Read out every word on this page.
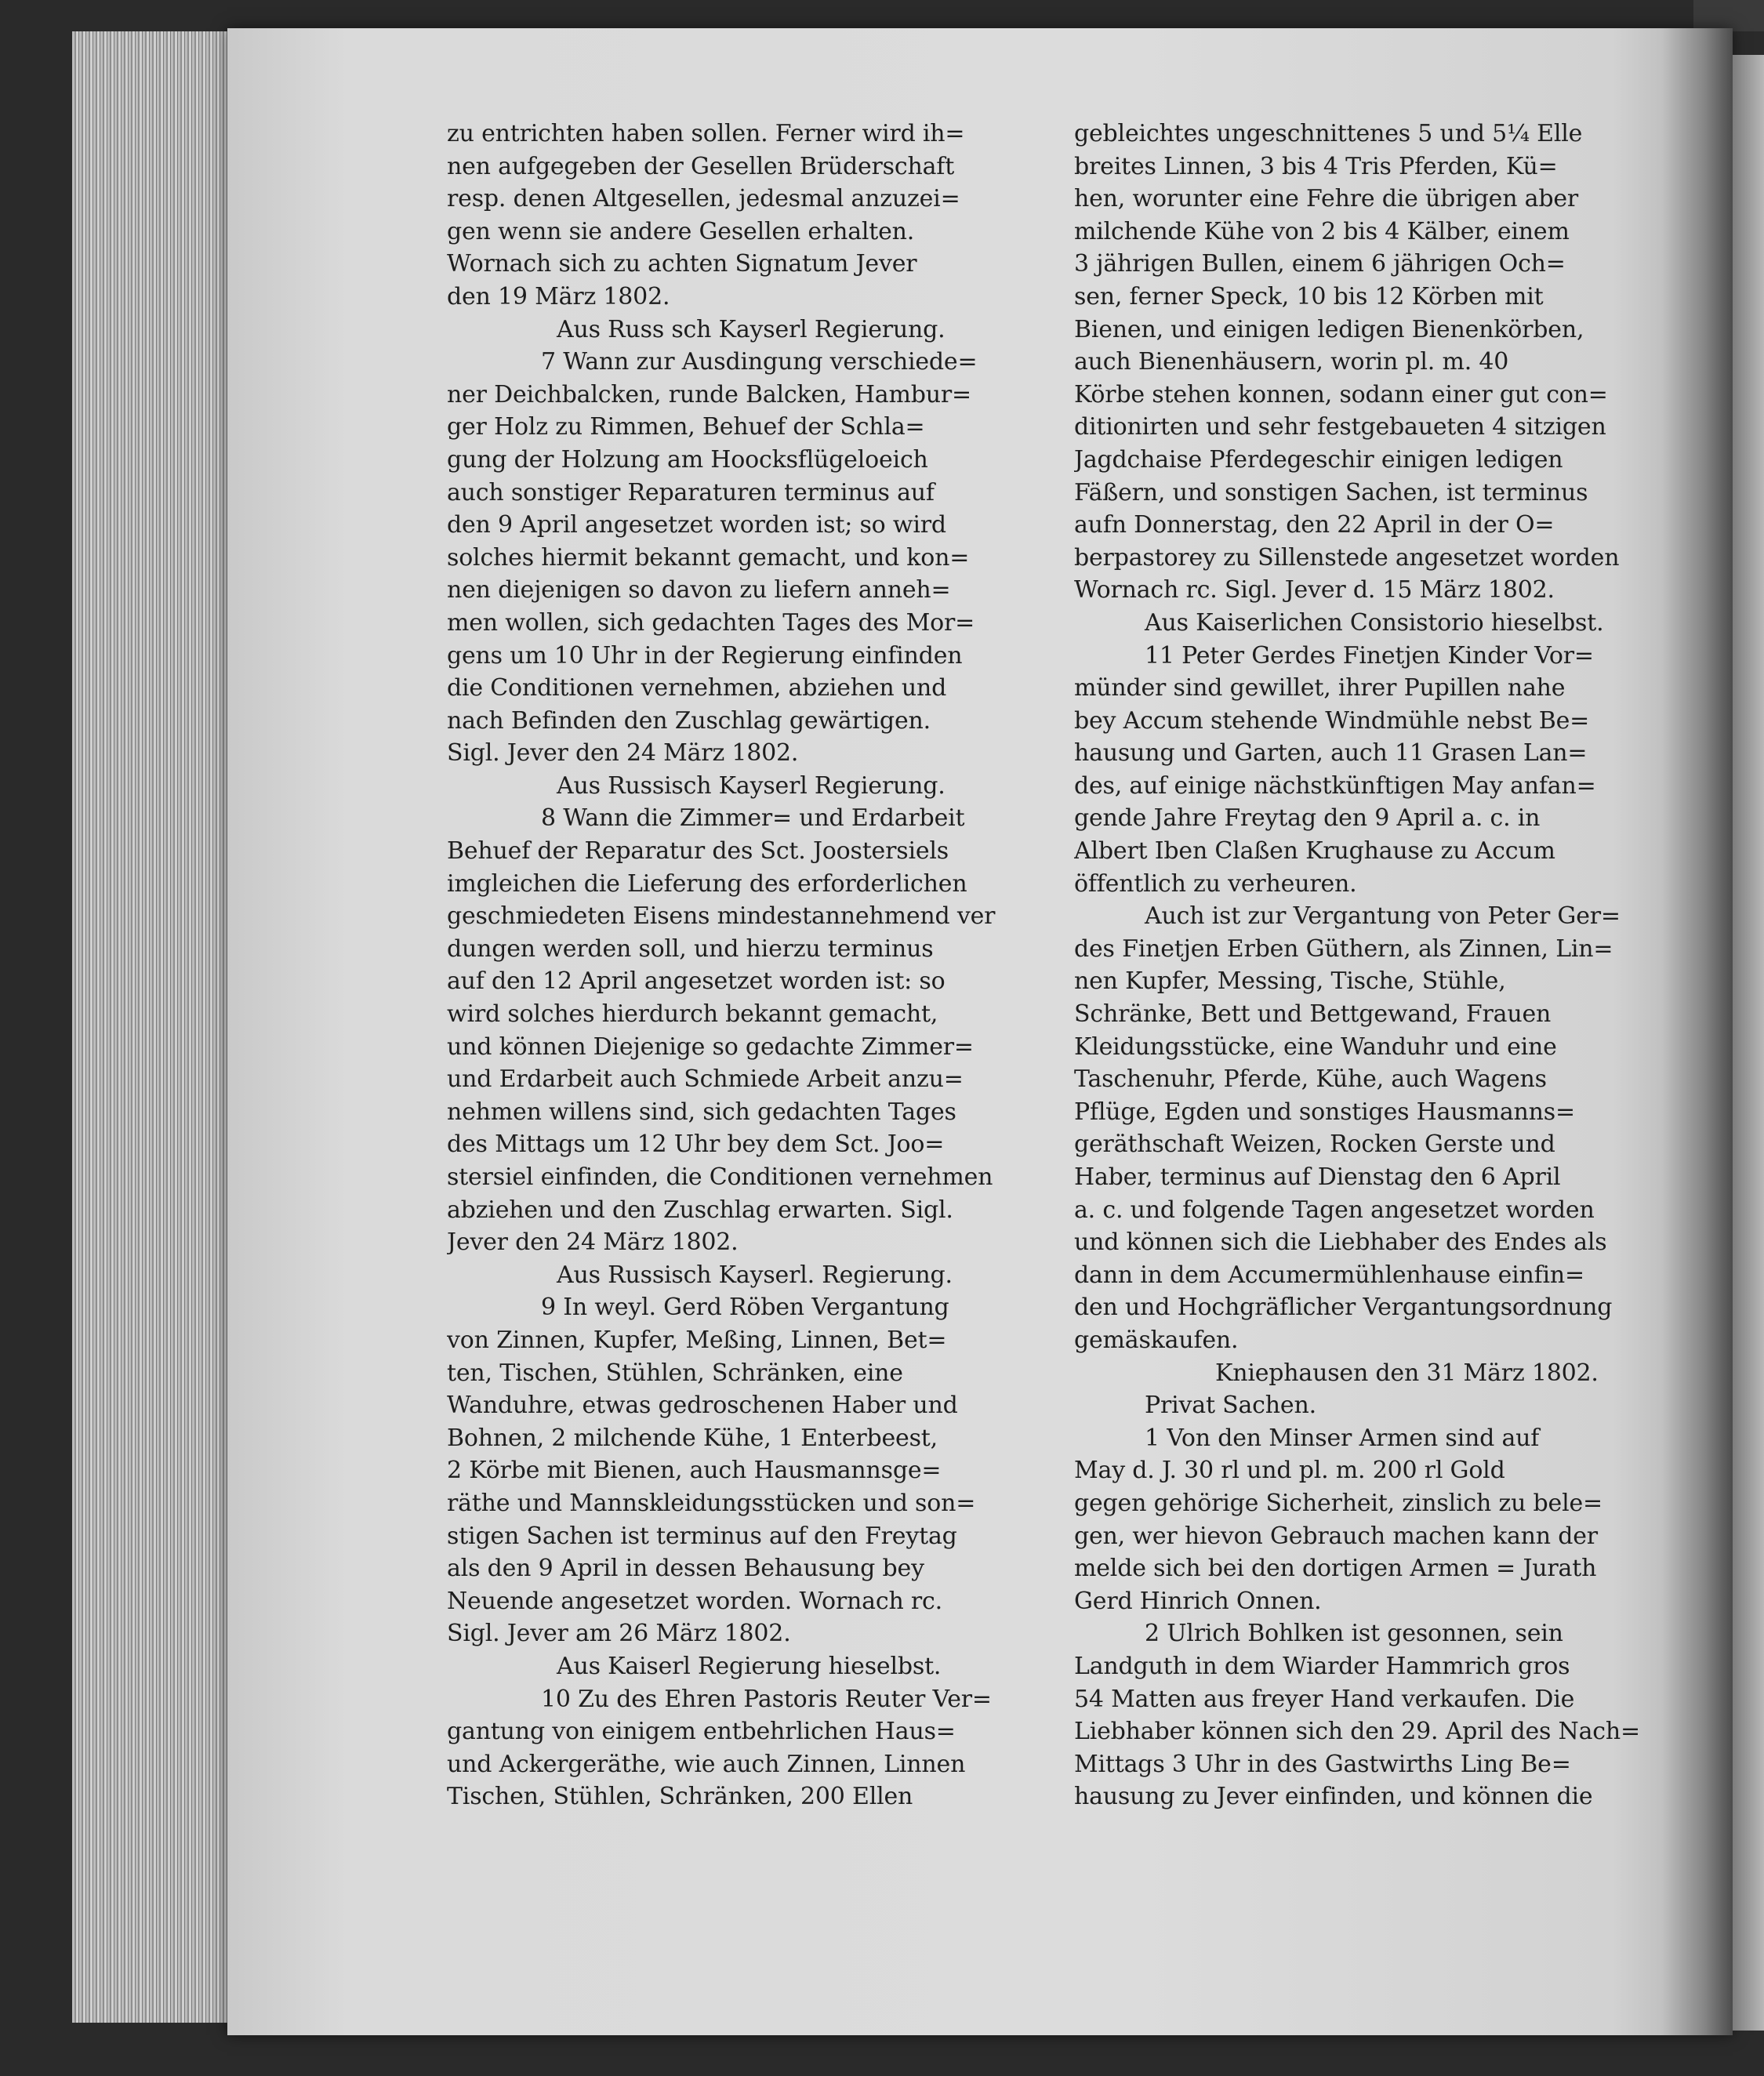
zu entrichten haben sollen. Ferner wird ih=
nen aufgegeben der Gesellen Brüderschaft
resp. denen Altgesellen, jedesmal anzuzei=
gen wenn sie andere Gesellen erhalten.
Wornach sich zu achten Signatum Jever
den 19 März 1802.
Aus Russ sch Kayserl Regierung.
7 Wann zur Ausdingung verschiede=
ner Deichbalcken, runde Balcken, Hambur=
ger Holz zu Rimmen, Behuef der Schla=
gung der Holzung am Hoocksflügeloeich
auch sonstiger Reparaturen terminus auf
den 9 April angesetzet worden ist; so wird
solches hiermit bekannt gemacht, und kon=
nen diejenigen so davon zu liefern anneh=
men wollen, sich gedachten Tages des Mor=
gens um 10 Uhr in der Regierung einfinden
die Conditionen vernehmen, abziehen und
nach Befinden den Zuschlag gewärtigen.
Sigl. Jever den 24 März 1802.
Aus Russisch Kayserl Regierung.
8 Wann die Zimmer= und Erdarbeit
Behuef der Reparatur des Sct. Joostersiels
imgleichen die Lieferung des erforderlichen
geschmiedeten Eisens mindestannehmend ver
dungen werden soll, und hierzu terminus
auf den 12 April angesetzet worden ist: so
wird solches hierdurch bekannt gemacht,
und können Diejenige so gedachte Zimmer=
und Erdarbeit auch Schmiede Arbeit anzu=
nehmen willens sind, sich gedachten Tages
des Mittags um 12 Uhr bey dem Sct. Joo=
stersiel einfinden, die Conditionen vernehmen
abziehen und den Zuschlag erwarten. Sigl.
Jever den 24 März 1802.
Aus Russisch Kayserl. Regierung.
9 In weyl. Gerd Röben Vergantung
von Zinnen, Kupfer, Meßing, Linnen, Bet=
ten, Tischen, Stühlen, Schränken, eine
Wanduhre, etwas gedroschenen Haber und
Bohnen, 2 milchende Kühe, 1 Enterbeest,
2 Körbe mit Bienen, auch Hausmannsge=
räthe und Mannskleidungsstücken und son=
stigen Sachen ist terminus auf den Freytag
als den 9 April in dessen Behausung bey
Neuende angesetzet worden. Wornach rc.
Sigl. Jever am 26 März 1802.
Aus Kaiserl Regierung hieselbst.
10 Zu des Ehren Pastoris Reuter Ver=
gantung von einigem entbehrlichen Haus=
und Ackergeräthe, wie auch Zinnen, Linnen
Tischen, Stühlen, Schränken, 200 Ellen
gebleichtes ungeschnittenes 5 und 5¼ Elle
breites Linnen, 3 bis 4 Tris Pferden, Kü=
hen, worunter eine Fehre die übrigen aber
milchende Kühe von 2 bis 4 Kälber, einem
3 jährigen Bullen, einem 6 jährigen Och=
sen, ferner Speck, 10 bis 12 Körben mit
Bienen, und einigen ledigen Bienenkörben,
auch Bienenhäusern, worin pl. m. 40
Körbe stehen konnen, sodann einer gut con=
ditionirten und sehr festgebaueten 4 sitzigen
Jagdchaise Pferdegeschir einigen ledigen
Fäßern, und sonstigen Sachen, ist terminus
aufn Donnerstag, den 22 April in der O=
berpastorey zu Sillenstede angesetzet worden
Wornach rc. Sigl. Jever d. 15 März 1802.
Aus Kaiserlichen Consistorio hieselbst.
11 Peter Gerdes Finetjen Kinder Vor=
münder sind gewillet, ihrer Pupillen nahe
bey Accum stehende Windmühle nebst Be=
hausung und Garten, auch 11 Grasen Lan=
des, auf einige nächstkünftigen May anfan=
gende Jahre Freytag den 9 April a. c. in
Albert Iben Claßen Krughause zu Accum
öffentlich zu verheuren.
Auch ist zur Vergantung von Peter Ger=
des Finetjen Erben Güthern, als Zinnen, Lin=
nen Kupfer, Messing, Tische, Stühle,
Schränke, Bett und Bettgewand, Frauen
Kleidungsstücke, eine Wanduhr und eine
Taschenuhr, Pferde, Kühe, auch Wagens
Pflüge, Egden und sonstiges Hausmanns=
geräthschaft Weizen, Rocken Gerste und
Haber, terminus auf Dienstag den 6 April
a. c. und folgende Tagen angesetzet worden
und können sich die Liebhaber des Endes als
dann in dem Accumermühlenhause einfin=
den und Hochgräflicher Vergantungsordnung
gemäskaufen.
Kniephausen den 31 März 1802.
Privat Sachen.
1 Von den Minser Armen sind auf
May d. J. 30 rl und pl. m. 200 rl Gold
gegen gehörige Sicherheit, zinslich zu bele=
gen, wer hievon Gebrauch machen kann der
melde sich bei den dortigen Armen = Jurath
Gerd Hinrich Onnen.
2 Ulrich Bohlken ist gesonnen, sein
Landguth in dem Wiarder Hammrich gros
54 Matten aus freyer Hand verkaufen. Die
Liebhaber können sich den 29. April des Nach=
Mittags 3 Uhr in des Gastwirths Ling Be=
hausung zu Jever einfinden, und können die
